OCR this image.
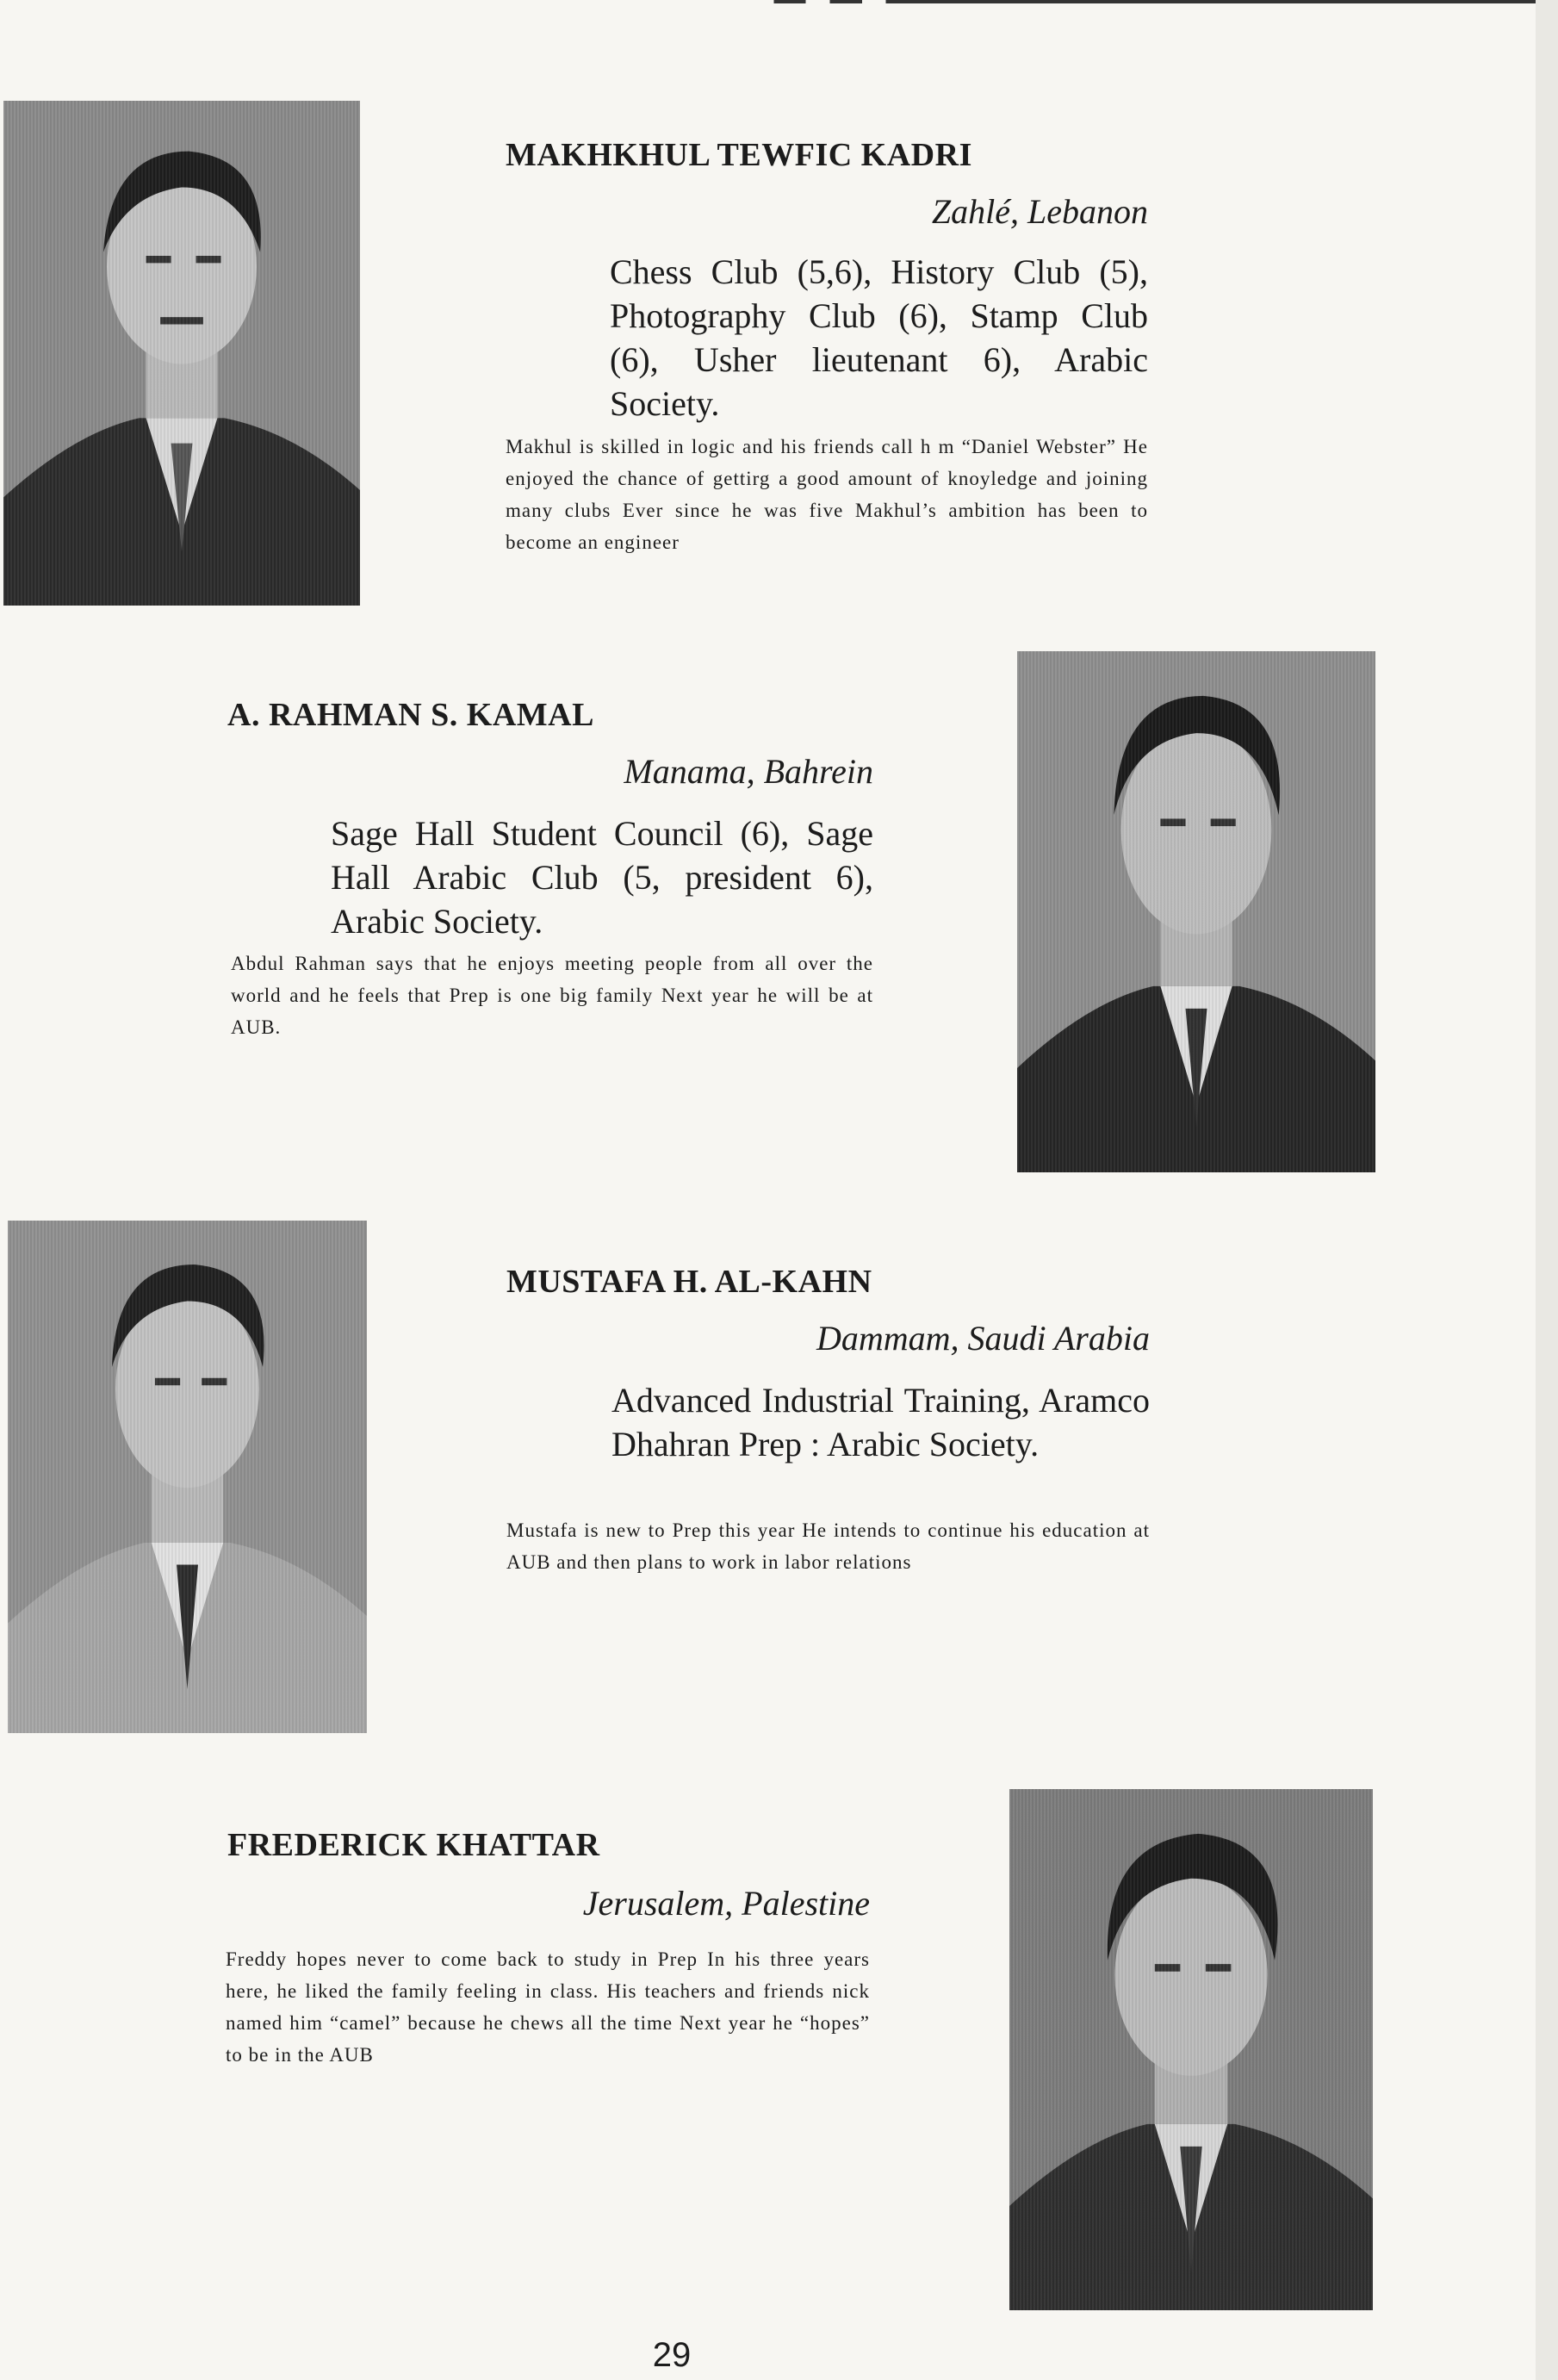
MAKHKHUL TEWFIC KADRI
Zahlé, Lebanon
Chess Club (5,6), History Club (5), Photography Club (6), Stamp Club (6), Usher lieutenant 6), Arabic Society.
Makhul is skilled in logic and his friends call h m “Daniel Webster” He enjoyed the chance of gettirg a good amount of knoyledge and joining many clubs Ever since he was five Makhul’s ambition has been to become an engineer
A. RAHMAN S. KAMAL
Manama, Bahrein
Sage Hall Student Council (6), Sage Hall Arabic Club (5, president 6), Arabic Society.
Abdul Rahman says that he enjoys meeting people from all over the world and he feels that Prep is one big family Next year he will be at AUB.
MUSTAFA H. AL-KAHN
Dammam, Saudi Arabia
Advanced Industrial Training, Aramco Dhahran Prep : Arabic Society.
Mustafa is new to Prep this year He intends to continue his education at AUB and then plans to work in labor relations
FREDERICK KHATTAR
Jerusalem, Palestine
Freddy hopes never to come back to study in Prep In his three years here, he liked the family feeling in class. His teachers and friends nick named him “camel” because he chews all the time Next year he “hopes” to be in the AUB
29
